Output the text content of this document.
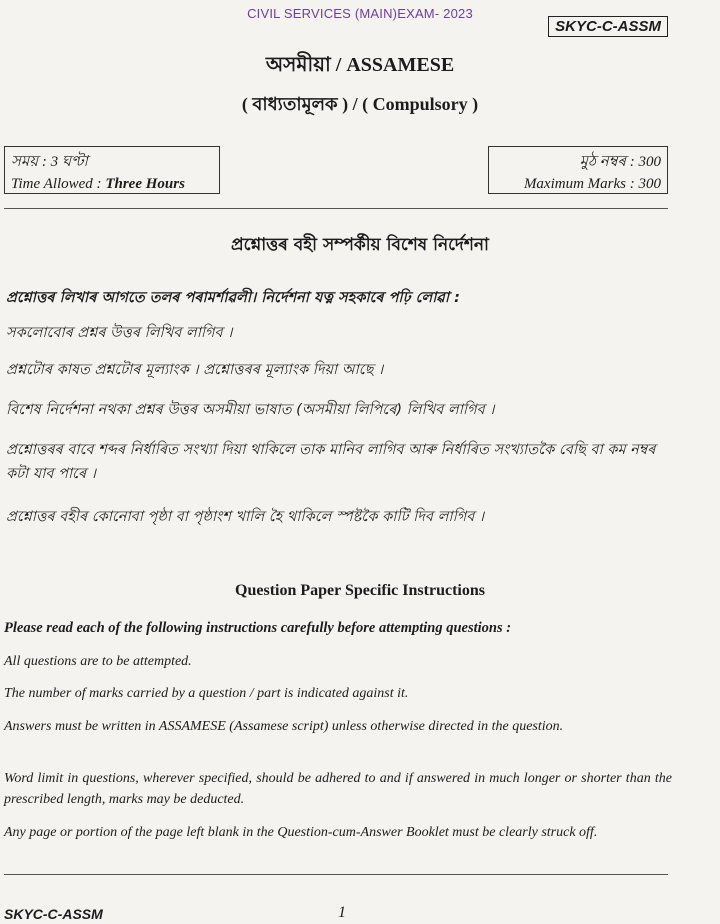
CIVIL SERVICES (MAIN)EXAM- 2023
SKYC-C-ASSM
অসমীয়া / ASSAMESE
( বাধ্যতামূলক ) / ( Compulsory )
সময় : 3 ঘণ্টা
Time Allowed : Three Hours
মুঠ নম্বৰ : 300
Maximum Marks : 300
প্ৰশ্নোত্তৰ বহী সম্পৰ্কীয় বিশেষ নিৰ্দেশনা
প্ৰশ্নোত্তৰ লিখাৰ আগতে তলৰ পৰামৰ্শাৱলী। নিৰ্দেশনা যত্ন সহকাৰে পঢ়ি লোৱা :
সকলোবোৰ প্ৰশ্নৰ উত্তৰ লিখিব লাগিব ।
প্ৰশ্নটোৰ কাষত প্ৰশ্নটোৰ মূল্যাংক । প্ৰশ্নোত্তৰৰ মূল্যাংক দিয়া আছে ।
বিশেষ নিৰ্দেশনা নথকা প্ৰশ্নৰ উত্তৰ অসমীয়া ভাষাত (অসমীয়া লিপিৰে) লিখিব লাগিব ।
প্ৰশ্নোত্তৰৰ বাবে শব্দৰ নিৰ্ধাৰিত সংখ্যা দিয়া থাকিলে তাক মানিব লাগিব আৰু নিৰ্ধাৰিত সংখ্যাতকৈ বেছি বা কম নম্বৰ কটা যাব পাৰে ।
প্ৰশ্নোত্তৰ বহীৰ কোনোবা পৃষ্ঠা বা পৃষ্ঠাংশ খালি হৈ থাকিলে স্পষ্টকৈ কাটি দিব লাগিব ।
Question Paper Specific Instructions
Please read each of the following instructions carefully before attempting questions :
All questions are to be attempted.
The number of marks carried by a question / part is indicated against it.
Answers must be written in ASSAMESE (Assamese script) unless otherwise directed in the question.
Word limit in questions, wherever specified, should be adhered to and if answered in much longer or shorter than the prescribed length, marks may be deducted.
Any page or portion of the page left blank in the Question-cum-Answer Booklet must be clearly struck off.
SKYC-C-ASSM	1
